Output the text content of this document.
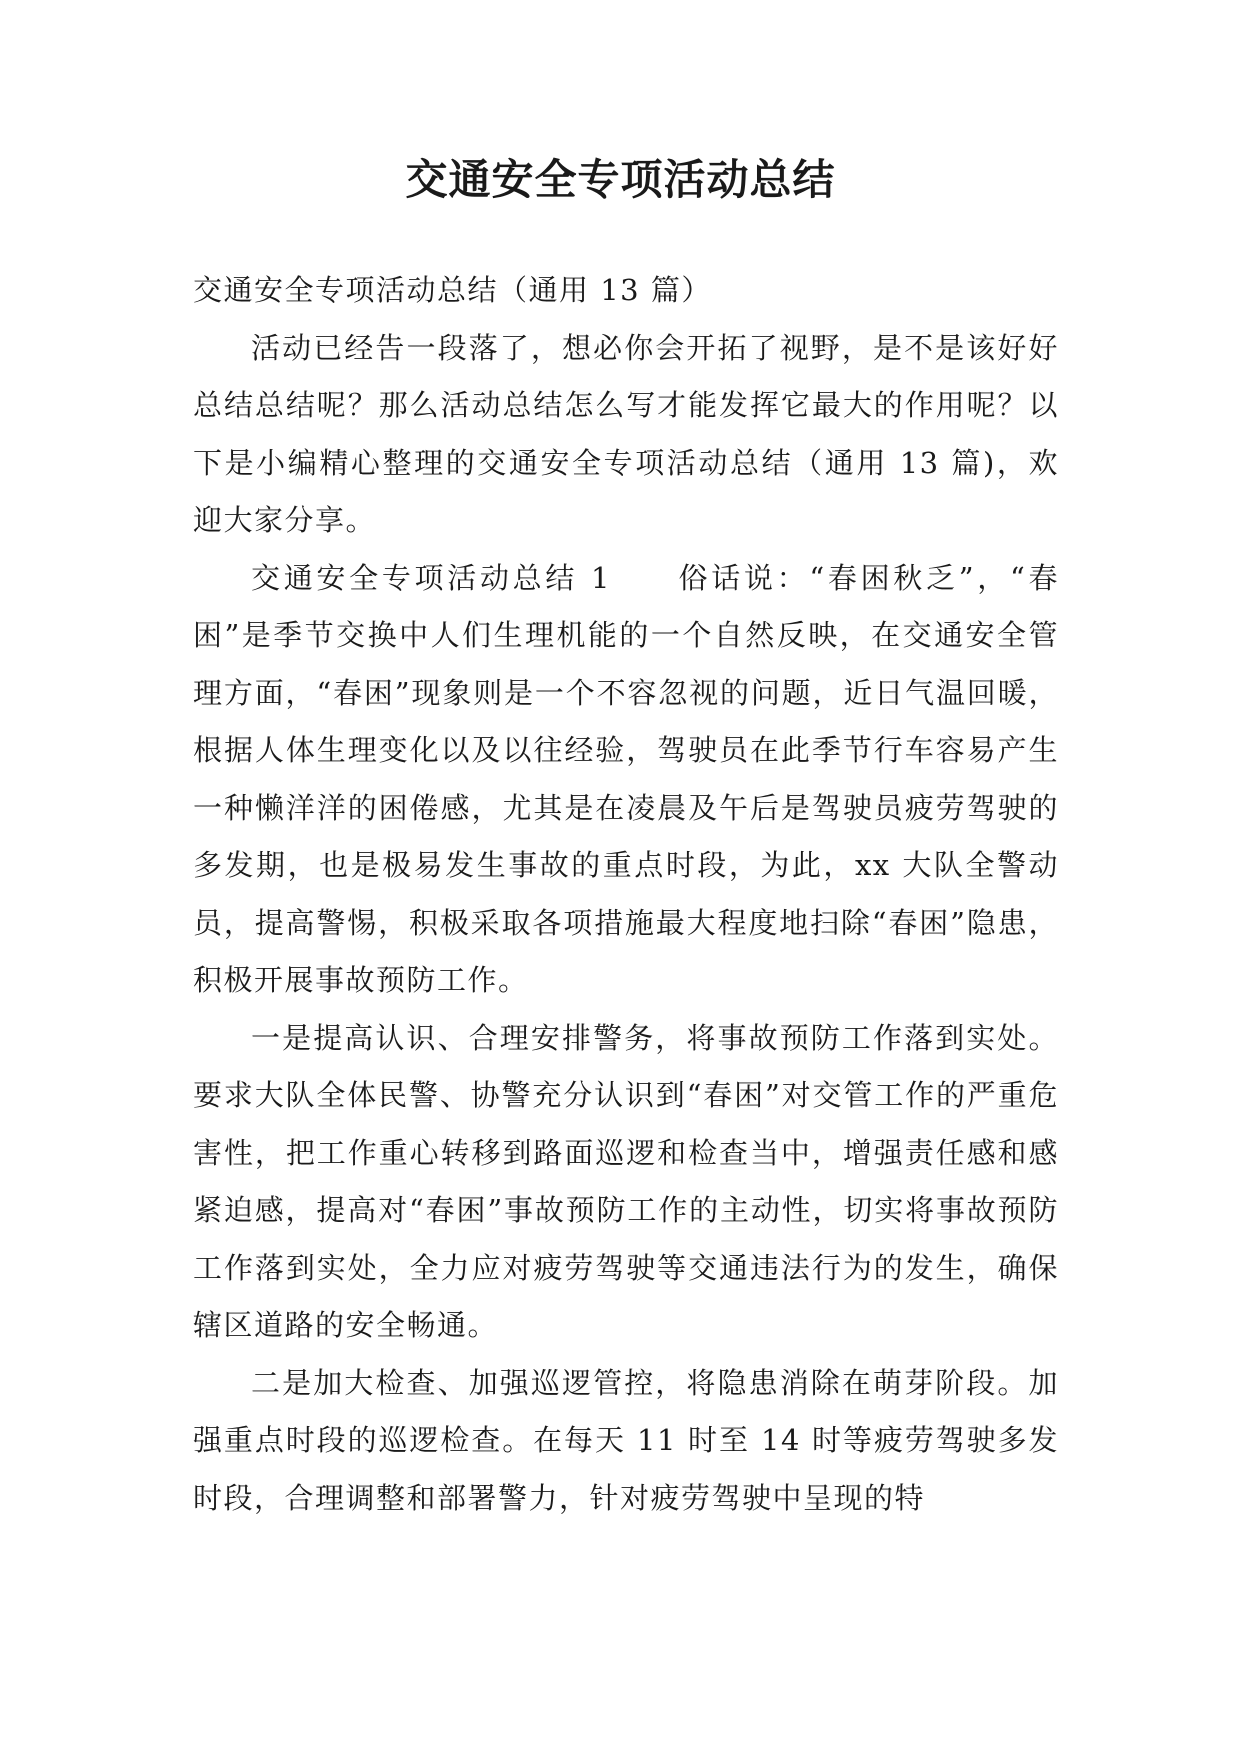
交通安全专项活动总结

交通安全专项活动总结（通用 13 篇）

活动已经告一段落了，想必你会开拓了视野，是不是该好好总结总结呢？那么活动总结怎么写才能发挥它最大的作用呢？以下是小编精心整理的交通安全专项活动总结（通用 13 篇)，欢迎大家分享。

交通安全专项活动总结 1　　俗话说：“春困秋乏”，“春困”是季节交换中人们生理机能的一个自然反映，在交通安全管理方面，“春困”现象则是一个不容忽视的问题，近日气温回暖，根据人体生理变化以及以往经验，驾驶员在此季节行车容易产生一种懒洋洋的困倦感，尤其是在凌晨及午后是驾驶员疲劳驾驶的多发期，也是极易发生事故的重点时段，为此，xx 大队全警动员，提高警惕，积极采取各项措施最大程度地扫除“春困”隐患，积极开展事故预防工作。

一是提高认识、合理安排警务，将事故预防工作落到实处。要求大队全体民警、协警充分认识到“春困”对交管工作的严重危害性，把工作重心转移到路面巡逻和检查当中，增强责任感和感紧迫感，提高对“春困”事故预防工作的主动性，切实将事故预防工作落到实处，全力应对疲劳驾驶等交通违法行为的发生，确保辖区道路的安全畅通。

二是加大检查、加强巡逻管控，将隐患消除在萌芽阶段。加强重点时段的巡逻检查。在每天 11 时至 14 时等疲劳驾驶多发时段，合理调整和部署警力，针对疲劳驾驶中呈现的特
